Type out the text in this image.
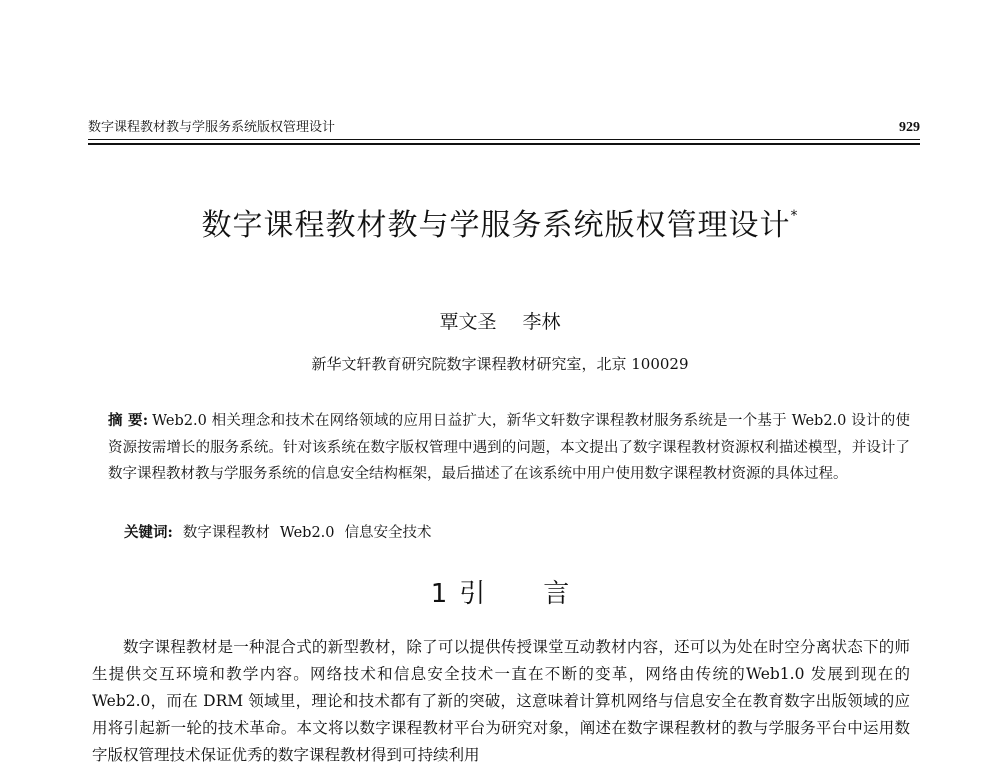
数字课程教材教与学服务系统版权管理设计	929
数字课程教材教与学服务系统版权管理设计*
覃文圣 李林
新华文轩教育研究院数字课程教材研究室，北京 100029
摘 要: Web2.0 相关理念和技术在网络领域的应用日益扩大，新华文轩数字课程教材服务系统是一个基于 Web2.0 设计的使资源按需增长的服务系统。针对该系统在数字版权管理中遇到的问题，本文提出了数字课程教材资源权利描述模型，并设计了数字课程教材教与学服务系统的信息安全结构框架，最后描述了在该系统中用户使用数字课程教材资源的具体过程。
关键词: 数字课程教材 Web2.0 信息安全技术
1 引 言
数字课程教材是一种混合式的新型教材，除了可以提供传授课堂互动教材内容，还可以为处在时空分离状态下的师生提供交互环境和教学内容。网络技术和信息安全技术一直在不断的变革，网络由传统的Web1.0 发展到现在的 Web2.0，而在 DRM 领域里，理论和技术都有了新的突破，这意味着计算机网络与信息安全在教育数字出版领域的应用将引起新一轮的技术革命。本文将以数字课程教材平台为研究对象，阐述在数字课程教材的教与学服务平台中运用数字版权管理技术保证优秀的数字课程教材得到可持续利用
